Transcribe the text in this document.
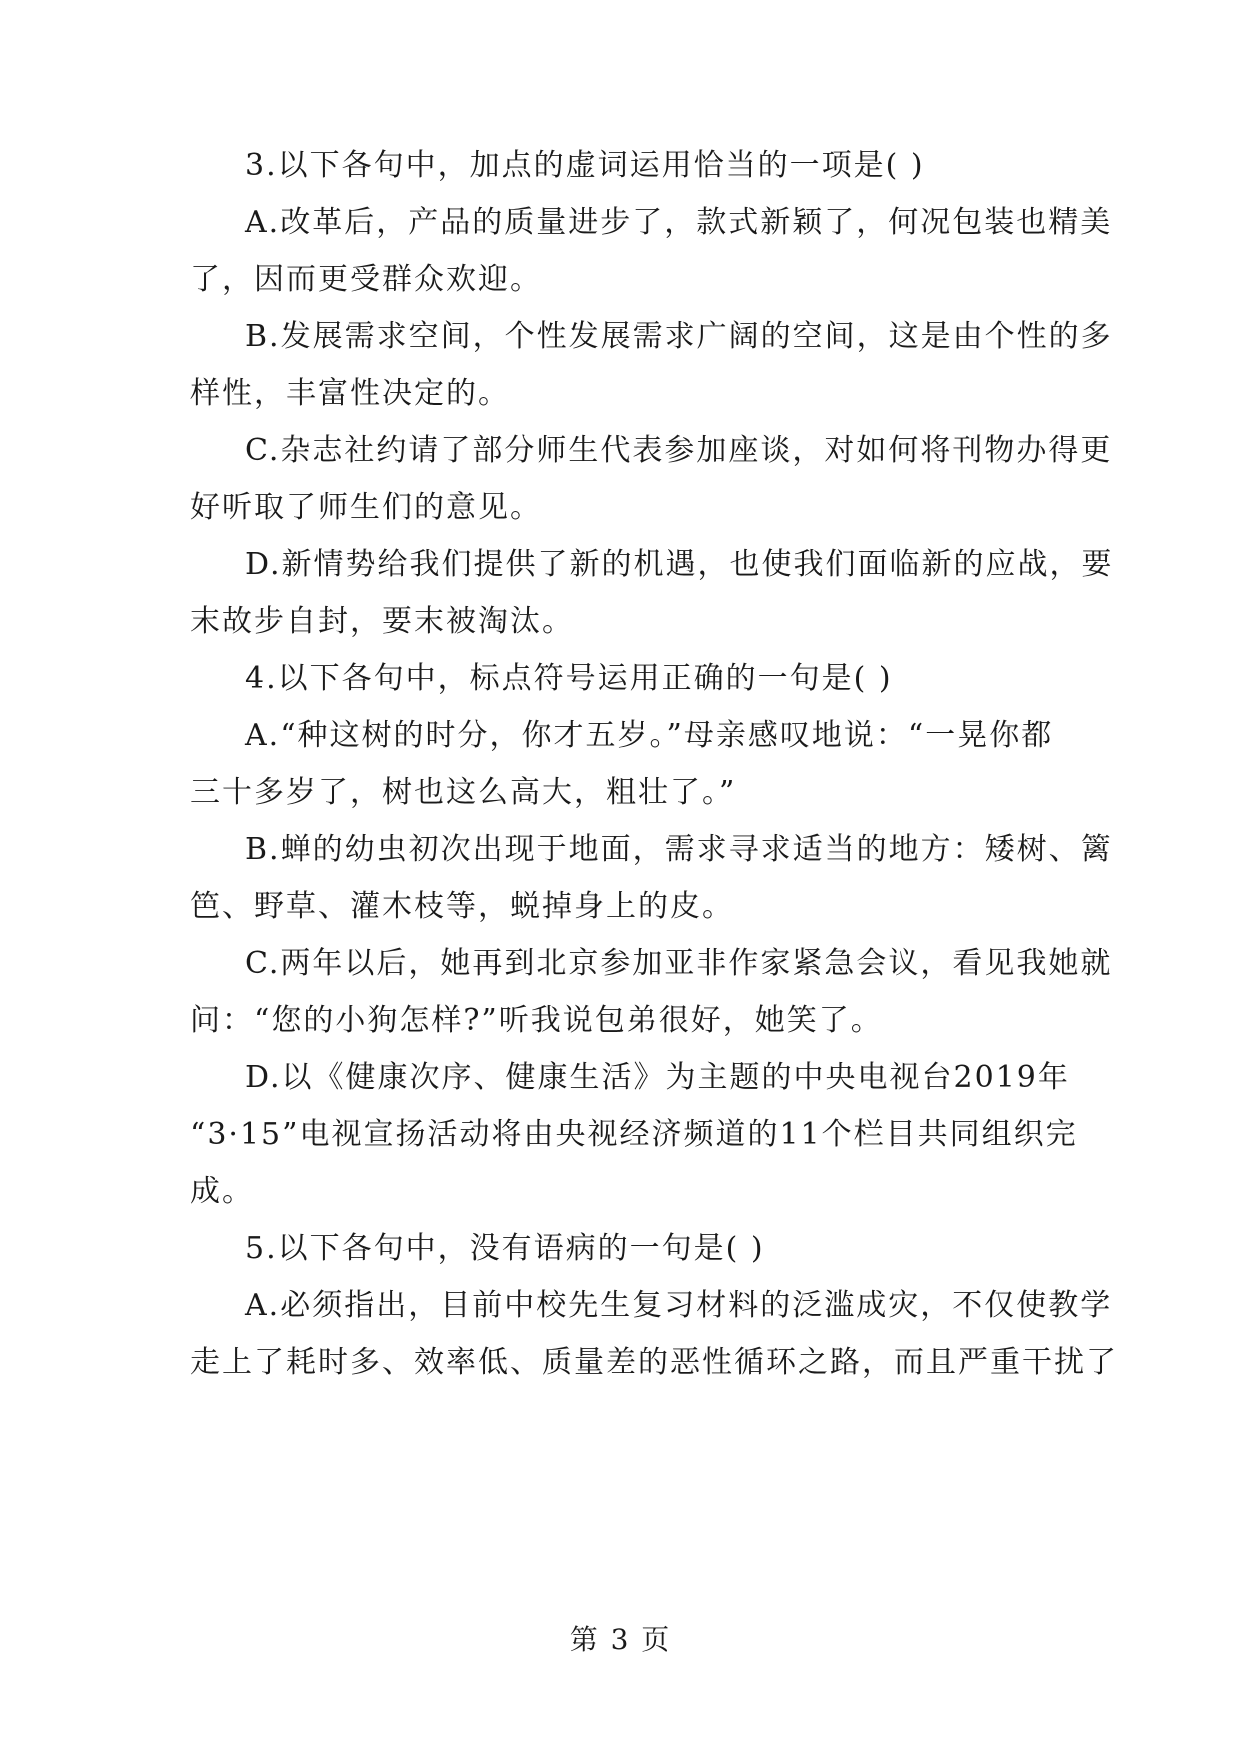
3.以下各句中，加点的虚词运用恰当的一项是( )
A.改革后，产品的质量进步了，款式新颖了，何况包装也精美
了，因而更受群众欢迎。
B.发展需求空间，个性发展需求广阔的空间，这是由个性的多
样性，丰富性决定的。
C.杂志社约请了部分师生代表参加座谈，对如何将刊物办得更
好听取了师生们的意见。
D.新情势给我们提供了新的机遇，也使我们面临新的应战，要
末故步自封，要末被淘汰。
4.以下各句中，标点符号运用正确的一句是( )
A.“种这树的时分，你才五岁。”母亲感叹地说：“一晃你都
三十多岁了，树也这么高大，粗壮了。”
B.蝉的幼虫初次出现于地面，需求寻求适当的地方：矮树、篱
笆、野草、灌木枝等，蜕掉身上的皮。
C.两年以后，她再到北京参加亚非作家紧急会议，看见我她就
问：“您的小狗怎样?”听我说包弟很好，她笑了。
D.以《健康次序、健康生活》为主题的中央电视台2019年
“3·15”电视宣扬活动将由央视经济频道的11个栏目共同组织完
成。
5.以下各句中，没有语病的一句是( )
A.必须指出，目前中校先生复习材料的泛滥成灾，不仅使教学
走上了耗时多、效率低、质量差的恶性循环之路，而且严重干扰了
第 3 页
